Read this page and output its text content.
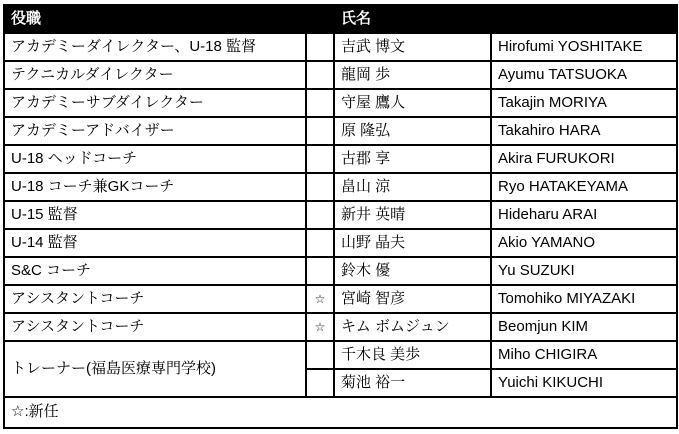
役職		氏名	
アカデミーダイレクター、U-18 監督		吉武 博文	Hirofumi YOSHITAKE
テクニカルダイレクター		龍岡 歩	Ayumu TATSUOKA
アカデミーサブダイレクター		守屋 鷹人	Takajin MORIYA
アカデミーアドバイザー		原 隆弘	Takahiro HARA
U-18 ヘッドコーチ		古郡 享	Akira FURUKORI
U-18 コーチ兼GKコーチ		畠山 涼	Ryo HATAKEYAMA
U-15 監督		新井 英晴	Hideharu ARAI
U-14 監督		山野 晶夫	Akio YAMANO
S&C コーチ		鈴木 優	Yu SUZUKI
アシスタントコーチ	☆	宮崎 智彦	Tomohiko MIYAZAKI
アシスタントコーチ	☆	キム ボムジュン	Beomjun KIM
トレーナー(福島医療専門学校)		千木良 美歩	Miho CHIGIRA
		菊池 裕一	Yuichi KIKUCHI
☆:新任			
